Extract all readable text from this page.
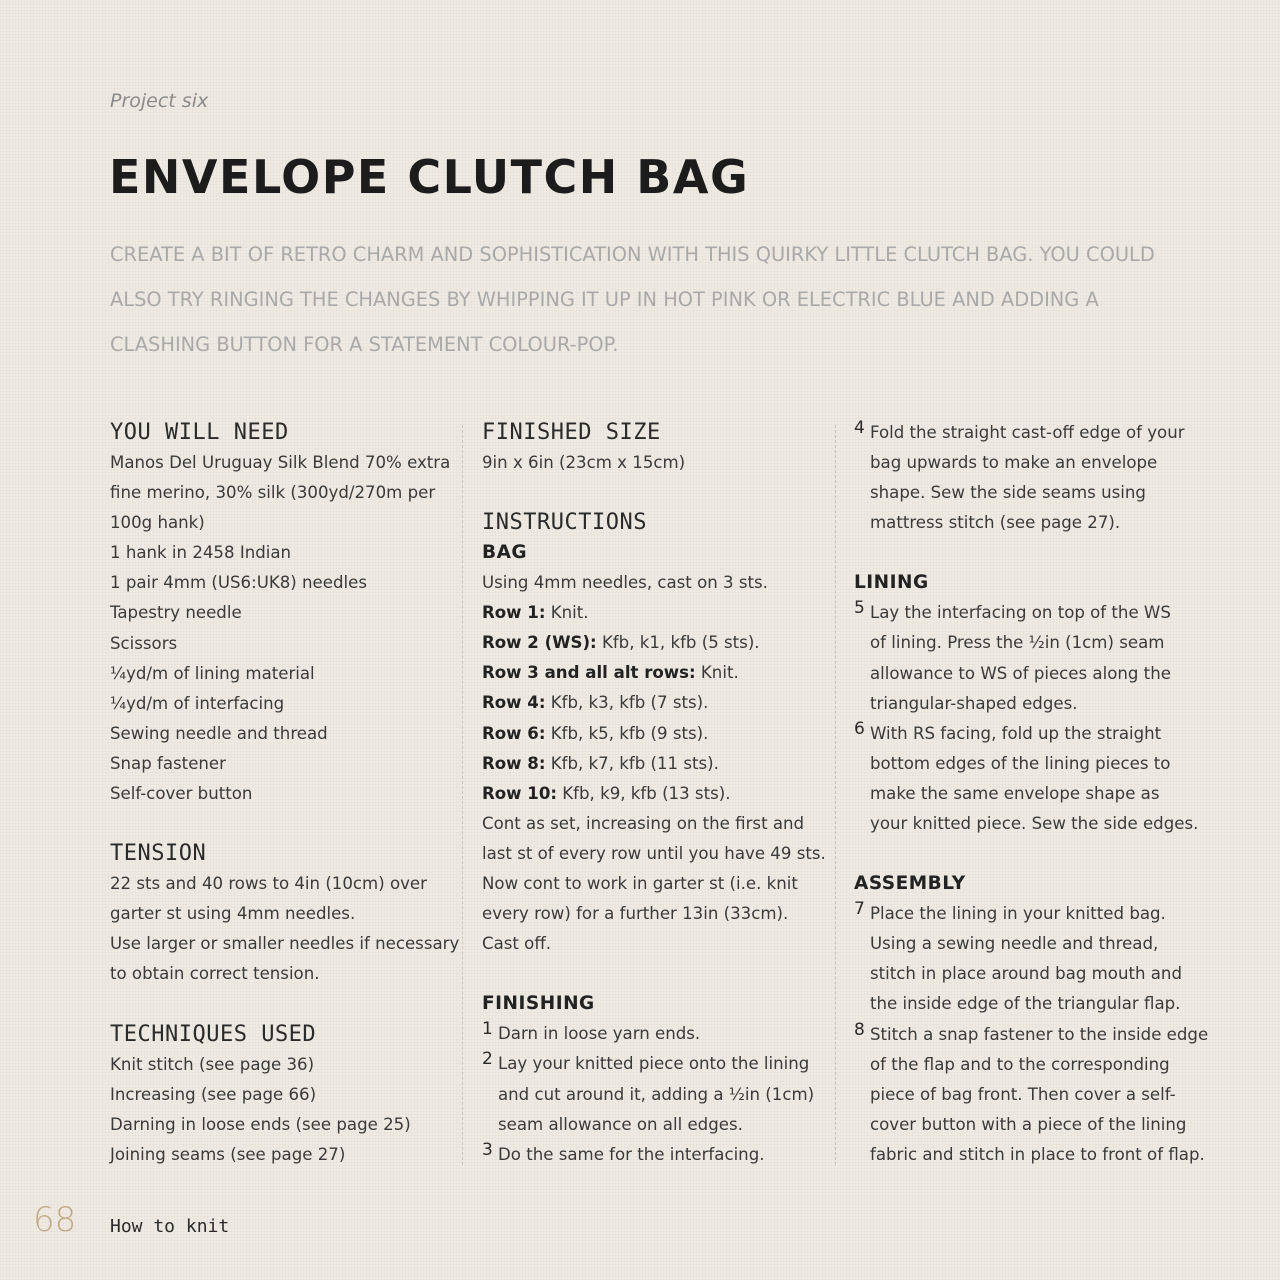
Project six
ENVELOPE CLUTCH BAG

CREATE A BIT OF RETRO CHARM AND SOPHISTICATION WITH THIS QUIRKY LITTLE CLUTCH BAG. YOU COULD ALSO TRY RINGING THE CHANGES BY WHIPPING IT UP IN HOT PINK OR ELECTRIC BLUE AND ADDING A CLASHING BUTTON FOR A STATEMENT COLOUR-POP.

YOU WILL NEED

Manos Del Uruguay Silk Blend 70% extra

fine merino, 30% silk (300yd/270m per

100g hank)

1 hank in 2458 Indian

1 pair 4mm (US6:UK8) needles

Tapestry needle

Scissors

¼yd/m of lining material

¼yd/m of interfacing

Sewing needle and thread

Snap fastener

Self-cover button

TENSION

22 sts and 40 rows to 4in (10cm) over

garter st using 4mm needles.

Use larger or smaller needles if necessary

to obtain correct tension.

TECHNIQUES USED

Knit stitch (see page 36)

Increasing (see page 66)

Darning in loose ends (see page 25)

Joining seams (see page 27)

FINISHED SIZE

9in x 6in (23cm x 15cm)

INSTRUCTIONS
BAG

Using 4mm needles, cast on 3 sts.

Row 1: Knit.

Row 2 (WS): Kfb, k1, kfb (5 sts).

Row 3 and all alt rows: Knit.

Row 4: Kfb, k3, kfb (7 sts).

Row 6: Kfb, k5, kfb (9 sts).

Row 8: Kfb, k7, kfb (11 sts).

Row 10: Kfb, k9, kfb (13 sts).

Cont as set, increasing on the first and

last st of every row until you have 49 sts.

Now cont to work in garter st (i.e. knit

every row) for a further 13in (33cm).

Cast off.

FINISHING
1 Darn in loose yarn ends.

2 Lay your knitted piece onto the lining

and cut around it, adding a ½in (1cm)

seam allowance on all edges.

3 Do the same for the interfacing.

4 Fold the straight cast-off edge of your

bag upwards to make an envelope

shape. Sew the side seams using

mattress stitch (see page 27).

LINING
5 Lay the interfacing on top of the WS

of lining. Press the ½in (1cm) seam

allowance to WS of pieces along the

triangular-shaped edges.

6 With RS facing, fold up the straight

bottom edges of the lining pieces to

make the same envelope shape as

your knitted piece. Sew the side edges.

ASSEMBLY
7 Place the lining in your knitted bag.

Using a sewing needle and thread,

stitch in place around bag mouth and

the inside edge of the triangular flap.

8 Stitch a snap fastener to the inside edge

of the flap and to the corresponding

piece of bag front. Then cover a self-

cover button with a piece of the lining

fabric and stitch in place to front of flap.

68 How to knit
